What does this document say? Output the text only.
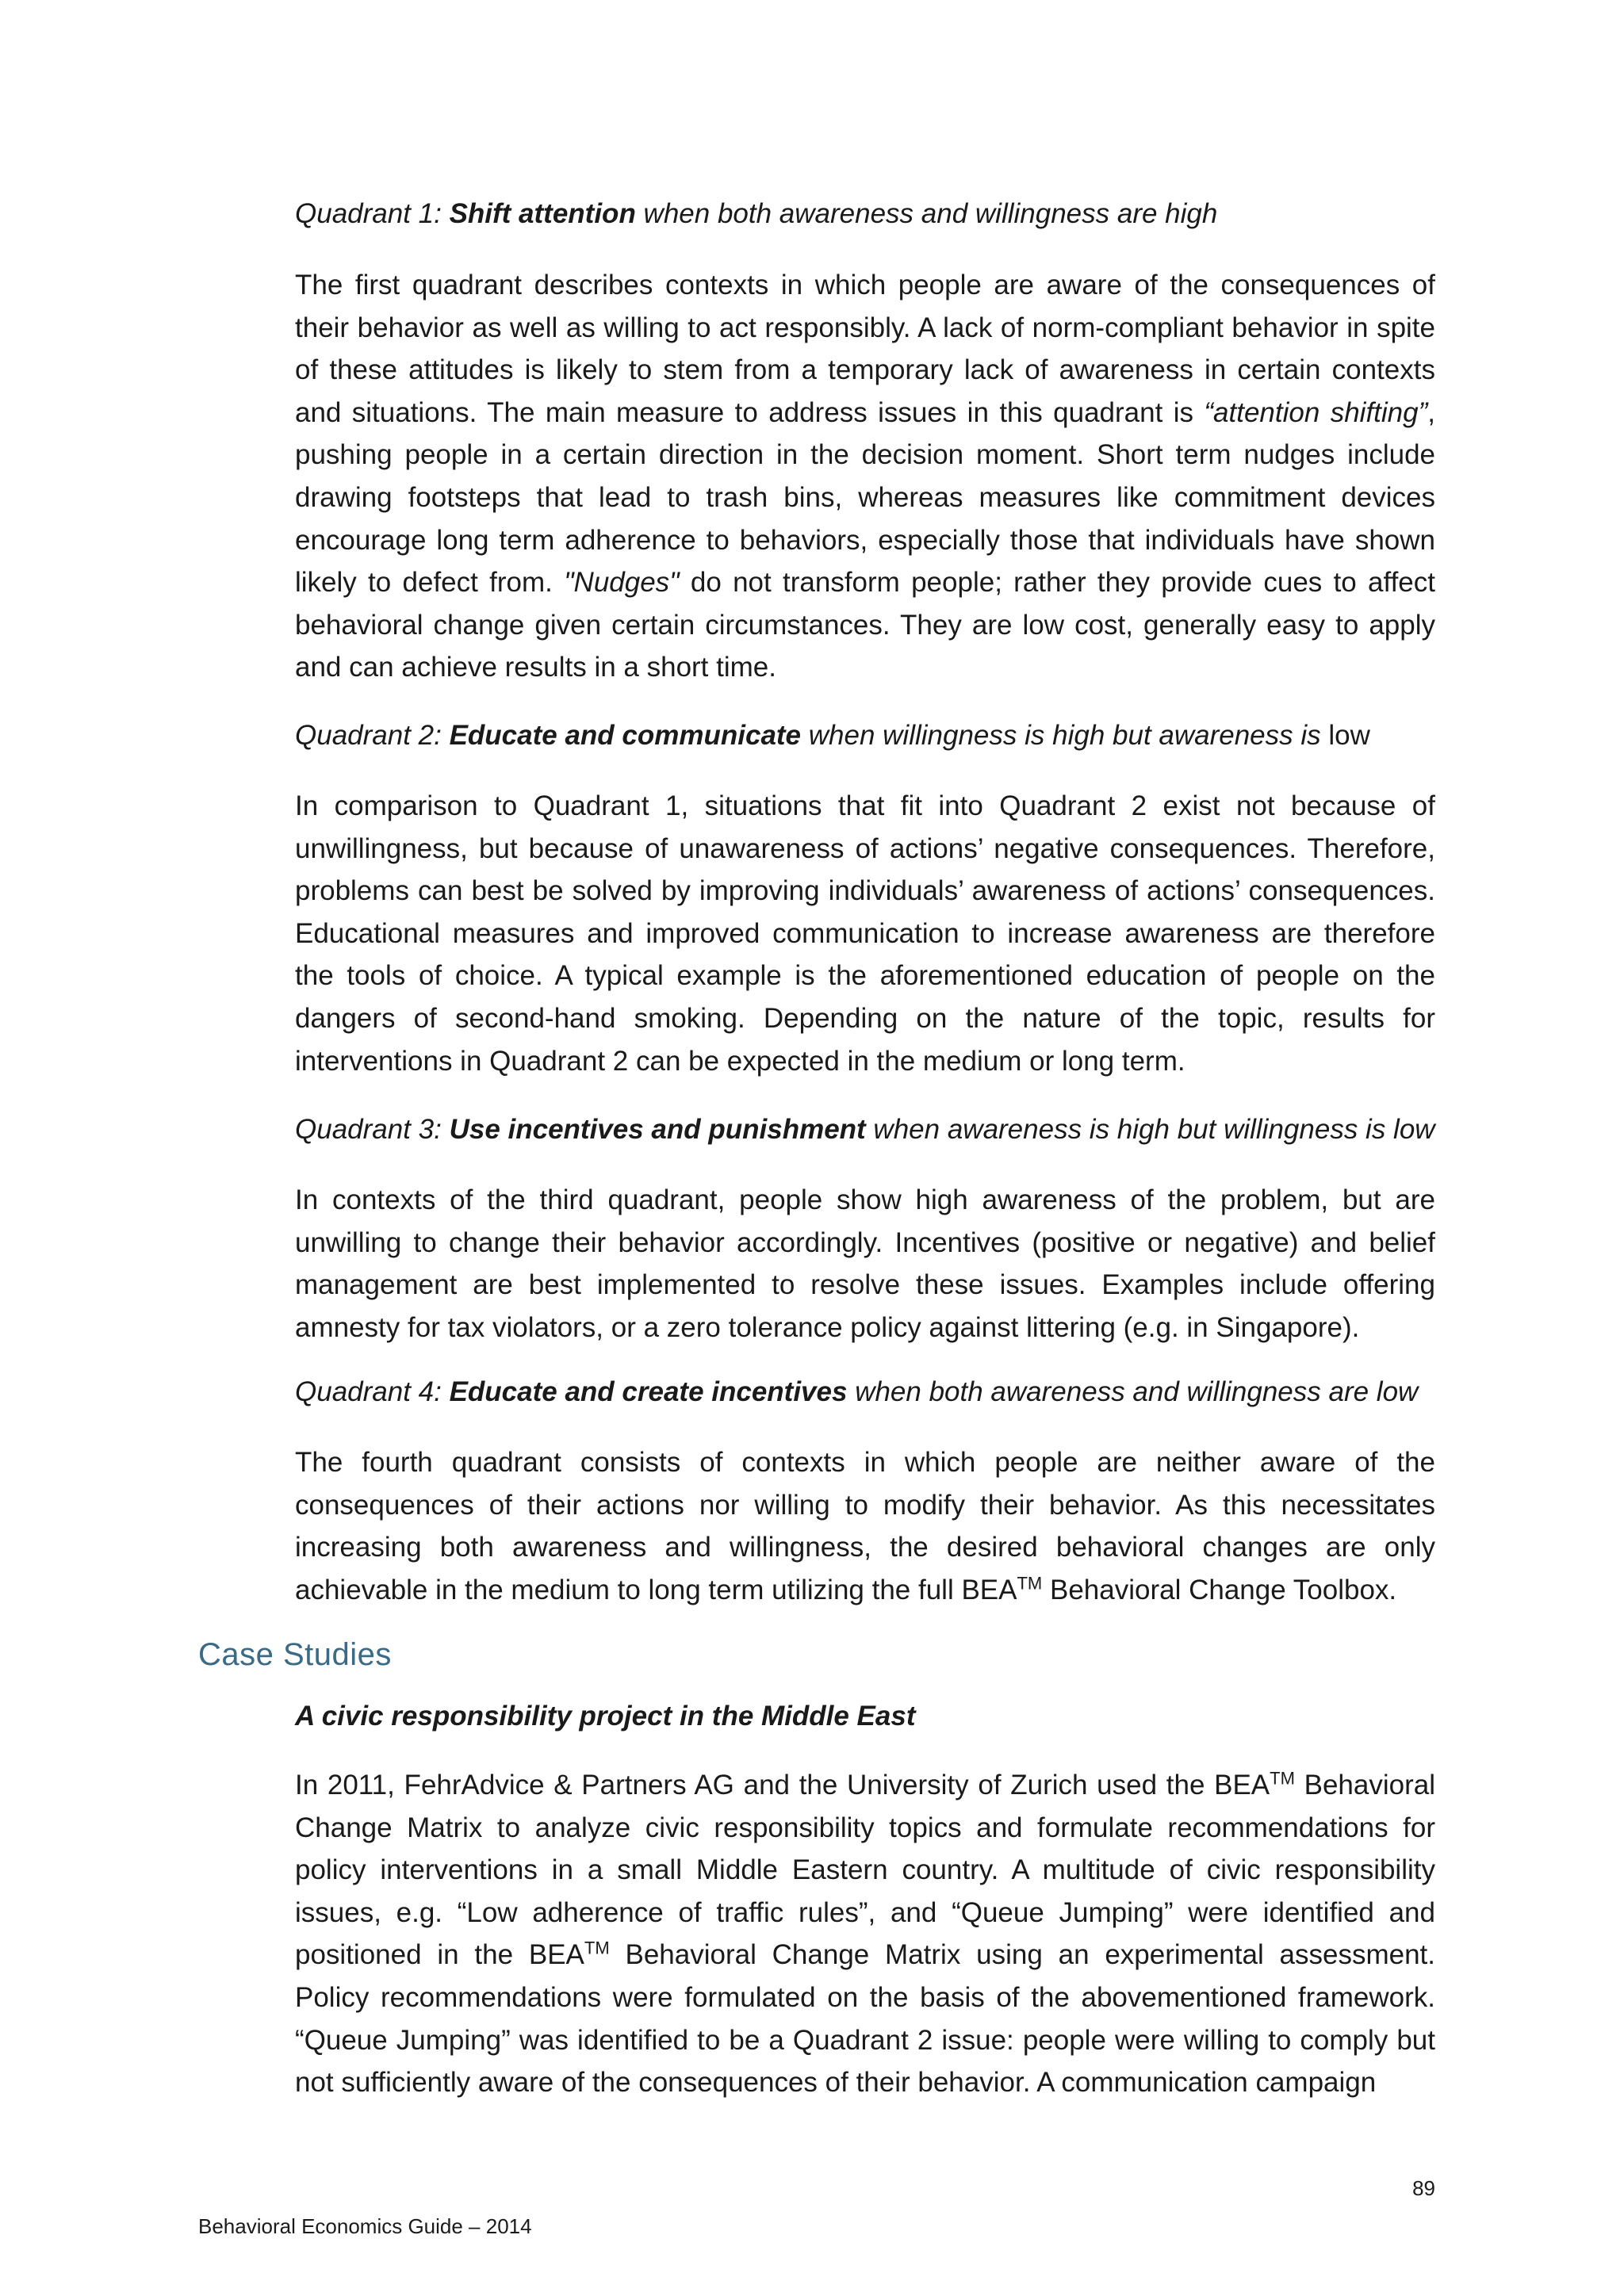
Quadrant 1: Shift attention when both awareness and willingness are high

The first quadrant describes contexts in which people are aware of the consequences of their behavior as well as willing to act responsibly. A lack of norm-compliant behavior in spite of these attitudes is likely to stem from a temporary lack of awareness in certain contexts and situations. The main measure to address issues in this quadrant is “attention shifting”, pushing people in a certain direction in the decision moment. Short term nudges include drawing footsteps that lead to trash bins, whereas measures like commitment devices encourage long term adherence to behaviors, especially those that individuals have shown likely to defect from. "Nudges" do not transform people; rather they provide cues to affect behavioral change given certain circumstances. They are low cost, generally easy to apply and can achieve results in a short time.

Quadrant 2: Educate and communicate when willingness is high but awareness is low

In comparison to Quadrant 1, situations that fit into Quadrant 2 exist not because of unwillingness, but because of unawareness of actions’ negative consequences. Therefore, problems can best be solved by improving individuals’ awareness of actions’ consequences. Educational measures and improved communication to increase awareness are therefore the tools of choice. A typical example is the aforementioned education of people on the dangers of second-hand smoking. Depending on the nature of the topic, results for interventions in Quadrant 2 can be expected in the medium or long term.

Quadrant 3: Use incentives and punishment when awareness is high but willingness is low

In contexts of the third quadrant, people show high awareness of the problem, but are unwilling to change their behavior accordingly. Incentives (positive or negative) and belief management are best implemented to resolve these issues. Examples include offering amnesty for tax violators, or a zero tolerance policy against littering (e.g. in Singapore).

Quadrant 4: Educate and create incentives when both awareness and willingness are low

The fourth quadrant consists of contexts in which people are neither aware of the consequences of their actions nor willing to modify their behavior. As this necessitates increasing both awareness and willingness, the desired behavioral changes are only achievable in the medium to long term utilizing the full BEA™ Behavioral Change Toolbox.

Case Studies
A civic responsibility project in the Middle East

In 2011, FehrAdvice & Partners AG and the University of Zurich used the BEA™ Behavioral Change Matrix to analyze civic responsibility topics and formulate recommendations for policy interventions in a small Middle Eastern country. A multitude of civic responsibility issues, e.g. “Low adherence of traffic rules”, and “Queue Jumping” were identified and positioned in the BEA™ Behavioral Change Matrix using an experimental assessment. Policy recommendations were formulated on the basis of the abovementioned framework. “Queue Jumping” was identified to be a Quadrant 2 issue: people were willing to comply but not sufficiently aware of the consequences of their behavior. A communication campaign

89
Behavioral Economics Guide – 2014
